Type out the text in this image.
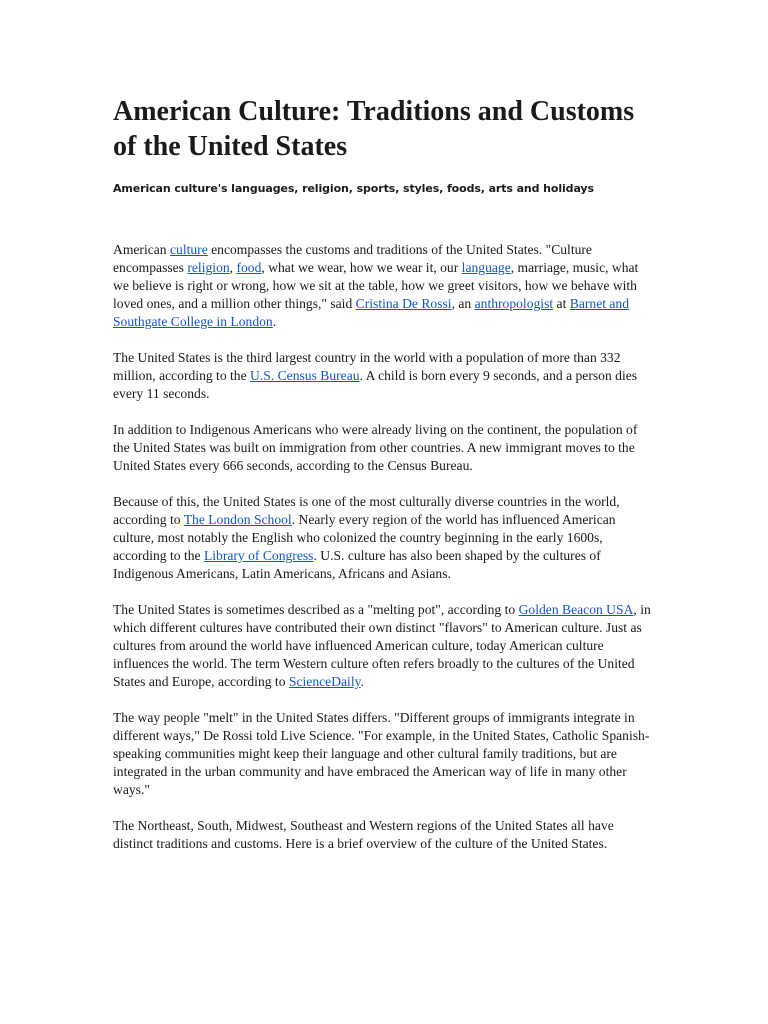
American Culture: Traditions and Customs of the United States
American culture's languages, religion, sports, styles, foods, arts and holidays

American culture encompasses the customs and traditions of the United States. "Culture encompasses religion, food, what we wear, how we wear it, our language, marriage, music, what we believe is right or wrong, how we sit at the table, how we greet visitors, how we behave with loved ones, and a million other things," said Cristina De Rossi, an anthropologist at Barnet and Southgate College in London.

The United States is the third largest country in the world with a population of more than 332 million, according to the U.S. Census Bureau. A child is born every 9 seconds, and a person dies every 11 seconds.

In addition to Indigenous Americans who were already living on the continent, the population of the United States was built on immigration from other countries. A new immigrant moves to the United States every 666 seconds, according to the Census Bureau.

Because of this, the United States is one of the most culturally diverse countries in the world, according to The London School. Nearly every region of the world has influenced American culture, most notably the English who colonized the country beginning in the early 1600s, according to the Library of Congress. U.S. culture has also been shaped by the cultures of Indigenous Americans, Latin Americans, Africans and Asians.

The United States is sometimes described as a "melting pot", according to Golden Beacon USA, in which different cultures have contributed their own distinct "flavors" to American culture. Just as cultures from around the world have influenced American culture, today American culture influences the world. The term Western culture often refers broadly to the cultures of the United States and Europe, according to ScienceDaily.

The way people "melt" in the United States differs. "Different groups of immigrants integrate in different ways," De Rossi told Live Science. "For example, in the United States, Catholic Spanish-speaking communities might keep their language and other cultural family traditions, but are integrated in the urban community and have embraced the American way of life in many other ways."

The Northeast, South, Midwest, Southeast and Western regions of the United States all have distinct traditions and customs. Here is a brief overview of the culture of the United States.
